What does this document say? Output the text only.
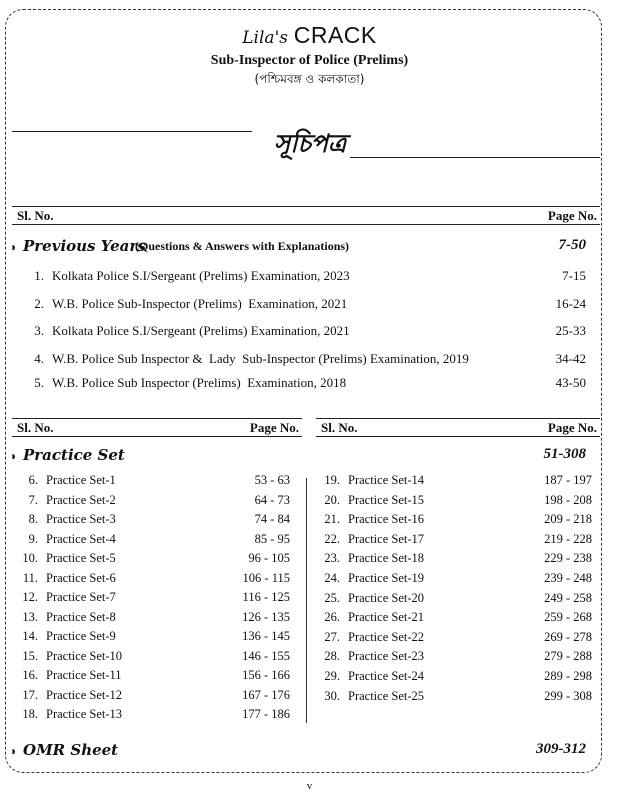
Lila's CRACK
Sub-Inspector of Police (Prelims)
(পশ্চিমবঙ্গ ও কলকাতা)
সূচিপত্র
Sl. No.	Page No.
◗ Previous Years
(Questions & Answers with Explanations)	7-50
1. Kolkata Police S.I/Sergeant (Prelims) Examination, 2023	7-15
2. W.B. Police Sub-Inspector (Prelims)  Examination, 2021	16-24
3. Kolkata Police S.I/Sergeant (Prelims) Examination, 2021	25-33
4. W.B. Police Sub Inspector &  Lady  Sub-Inspector (Prelims) Examination, 2019	34-42
5. W.B. Police Sub Inspector (Prelims)  Examination, 2018	43-50
Sl. No.	Page No. Sl. No.	Page No.
◗ Practice Set	51-308
6. Practice Set-1	53 - 63
7. Practice Set-2	64 - 73
8. Practice Set-3	74 - 84
9. Practice Set-4	85 - 95
10. Practice Set-5	96 - 105
11. Practice Set-6	106 - 115
12. Practice Set-7	116 - 125
13. Practice Set-8	126 - 135
14. Practice Set-9	136 - 145
15. Practice Set-10	146 - 155
16. Practice Set-11	156 - 166
17. Practice Set-12	167 - 176
18. Practice Set-13	177 - 186
19. Practice Set-14	187 - 197
20. Practice Set-15	198 - 208
21. Practice Set-16	209 - 218
22. Practice Set-17	219 - 228
23. Practice Set-18	229 - 238
24. Practice Set-19	239 - 248
25. Practice Set-20	249 - 258
26. Practice Set-21	259 - 268
27. Practice Set-22	269 - 278
28. Practice Set-23	279 - 288
29. Practice Set-24	289 - 298
30. Practice Set-25	299 - 308
◗ OMR Sheet	309-312
v
